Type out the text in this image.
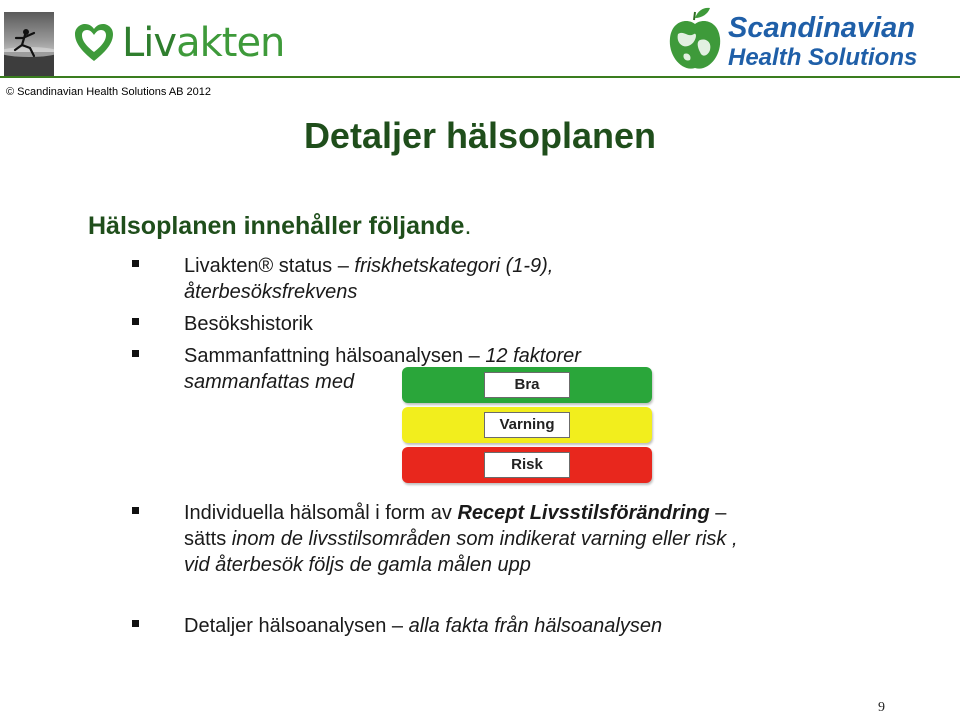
Livakten	Scandinavian
Health Solutions
© Scandinavian Health Solutions AB 2012
Detaljer hälsoplanen
Hälsoplanen innehåller följande.
Livakten® status – friskhetskategori (1-9), återbesöksfrekvens
Besökshistorik
Sammanfattning hälsoanalysen – 12 faktorer sammanfattas med
Individuella hälsomål i form av Recept Livsstilsförändring – sätts inom de livsstilsområden som indikerat varning eller risk , vid återbesök följs de gamla målen upp
Detaljer hälsoanalysen – alla fakta från hälsoanalysen
Bra
Varning
Risk
9
